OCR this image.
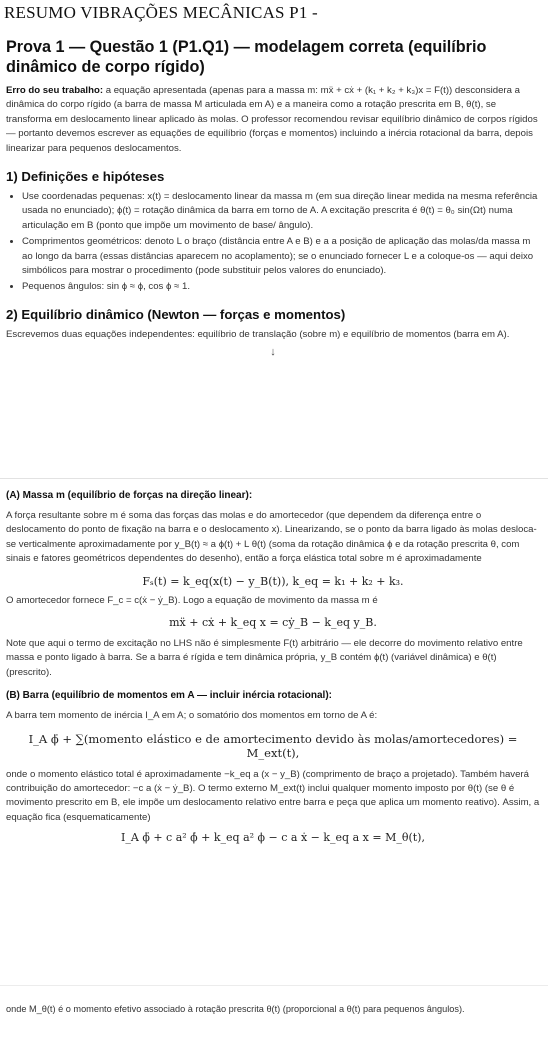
RESUMO VIBRAÇÕES MECÂNICAS P1 -
Prova 1 — Questão 1 (P1.Q1) — modelagem correta (equilíbrio dinâmico de corpo rígido)

Erro do seu trabalho: a equação apresentada (apenas para a massa m: mẍ + cẋ + (k₁ + k₂ + k₃)x = F(t)) desconsidera a dinâmica do corpo rígido (a barra de massa M articulada em A) e a maneira como a rotação prescrita em B, θ(t), se transforma em deslocamento linear aplicado às molas. O professor recomendou revisar equilíbrio dinâmico de corpos rígidos — portanto devemos escrever as equações de equilíbrio (forças e momentos) incluindo a inércia rotacional da barra, depois linearizar para pequenos deslocamentos.

1) Definições e hipóteses
• Use coordenadas pequenas: x(t) = deslocamento linear da massa m (em sua direção linear medida na mesma referência usada no enunciado); ϕ(t) = rotação dinâmica da barra em torno de A. A excitação prescrita é θ(t) = θ₀ sin(Ωt) numa articulação em B (ponto que impõe um movimento de base/ ângulo).
• Comprimentos geométricos: denoto L o braço (distância entre A e B) e a a posição de aplicação das molas/da massa m ao longo da barra (essas distâncias aparecem no acoplamento); se o enunciado fornecer L e a coloque-os — aqui deixo simbólicos para mostrar o procedimento (pode substituir pelos valores do enunciado).
• Pequenos ângulos: sin ϕ ≈ ϕ, cos ϕ ≈ 1.
2) Equilíbrio dinâmico (Newton — forças e momentos)

Escrevemos duas equações independentes: equilíbrio de translação (sobre m) e equilíbrio de momentos (barra em A).

↓

(A) Massa m (equilíbrio de forças na direção linear):

A força resultante sobre m é soma das forças das molas e do amortecedor (que dependem da diferença entre o deslocamento do ponto de fixação na barra e o deslocamento x). Linearizando, se o ponto da barra ligado às molas desloca-se verticalmente aproximadamente por y_B(t) ≈ a ϕ(t) + L θ(t) (soma da rotação dinâmica ϕ e da rotação prescrita θ, com sinais e fatores geométricos dependentes do desenho), então a força elástica total sobre m é aproximadamente

Fₛ(t) = k_eq(x(t) − y_B(t)), k_eq = k₁ + k₂ + k₃.

O amortecedor fornece F_c = c(ẋ − ẏ_B). Logo a equação de movimento da massa m é

mẍ + cẋ + k_eq x = cẏ_B − k_eq y_B.

Note que aqui o termo de excitação no LHS não é simplesmente F(t) arbitrário — ele decorre do movimento relativo entre massa e ponto ligado à barra. Se a barra é rígida e tem dinâmica própria, y_B contém ϕ(t) (variável dinâmica) e θ(t) (prescrito).

(B) Barra (equilíbrio de momentos em A — incluir inércia rotacional):

A barra tem momento de inércia I_A em A; o somatório dos momentos em torno de A é:

I_A ϕ̈ + ∑(momento elástico e de amortecimento devido às molas/amortecedores) = M_ext(t),

onde o momento elástico total é aproximadamente −k_eq a (x − y_B) (comprimento de braço a projetado). Também haverá contribuição do amortecedor: −c a (ẋ − ẏ_B). O termo externo M_ext(t) inclui qualquer momento imposto por θ(t) (se θ é movimento prescrito em B, ele impõe um deslocamento relativo entre barra e peça que aplica um momento reativo). Assim, a equação fica (esquematicamente)

I_A ϕ̈ + c a² ϕ̇ + k_eq a² ϕ − c a ẋ − k_eq a x = M_θ(t),

onde M_θ(t) é o momento efetivo associado à rotação prescrita θ(t) (proporcional a θ(t) para pequenos ângulos).
